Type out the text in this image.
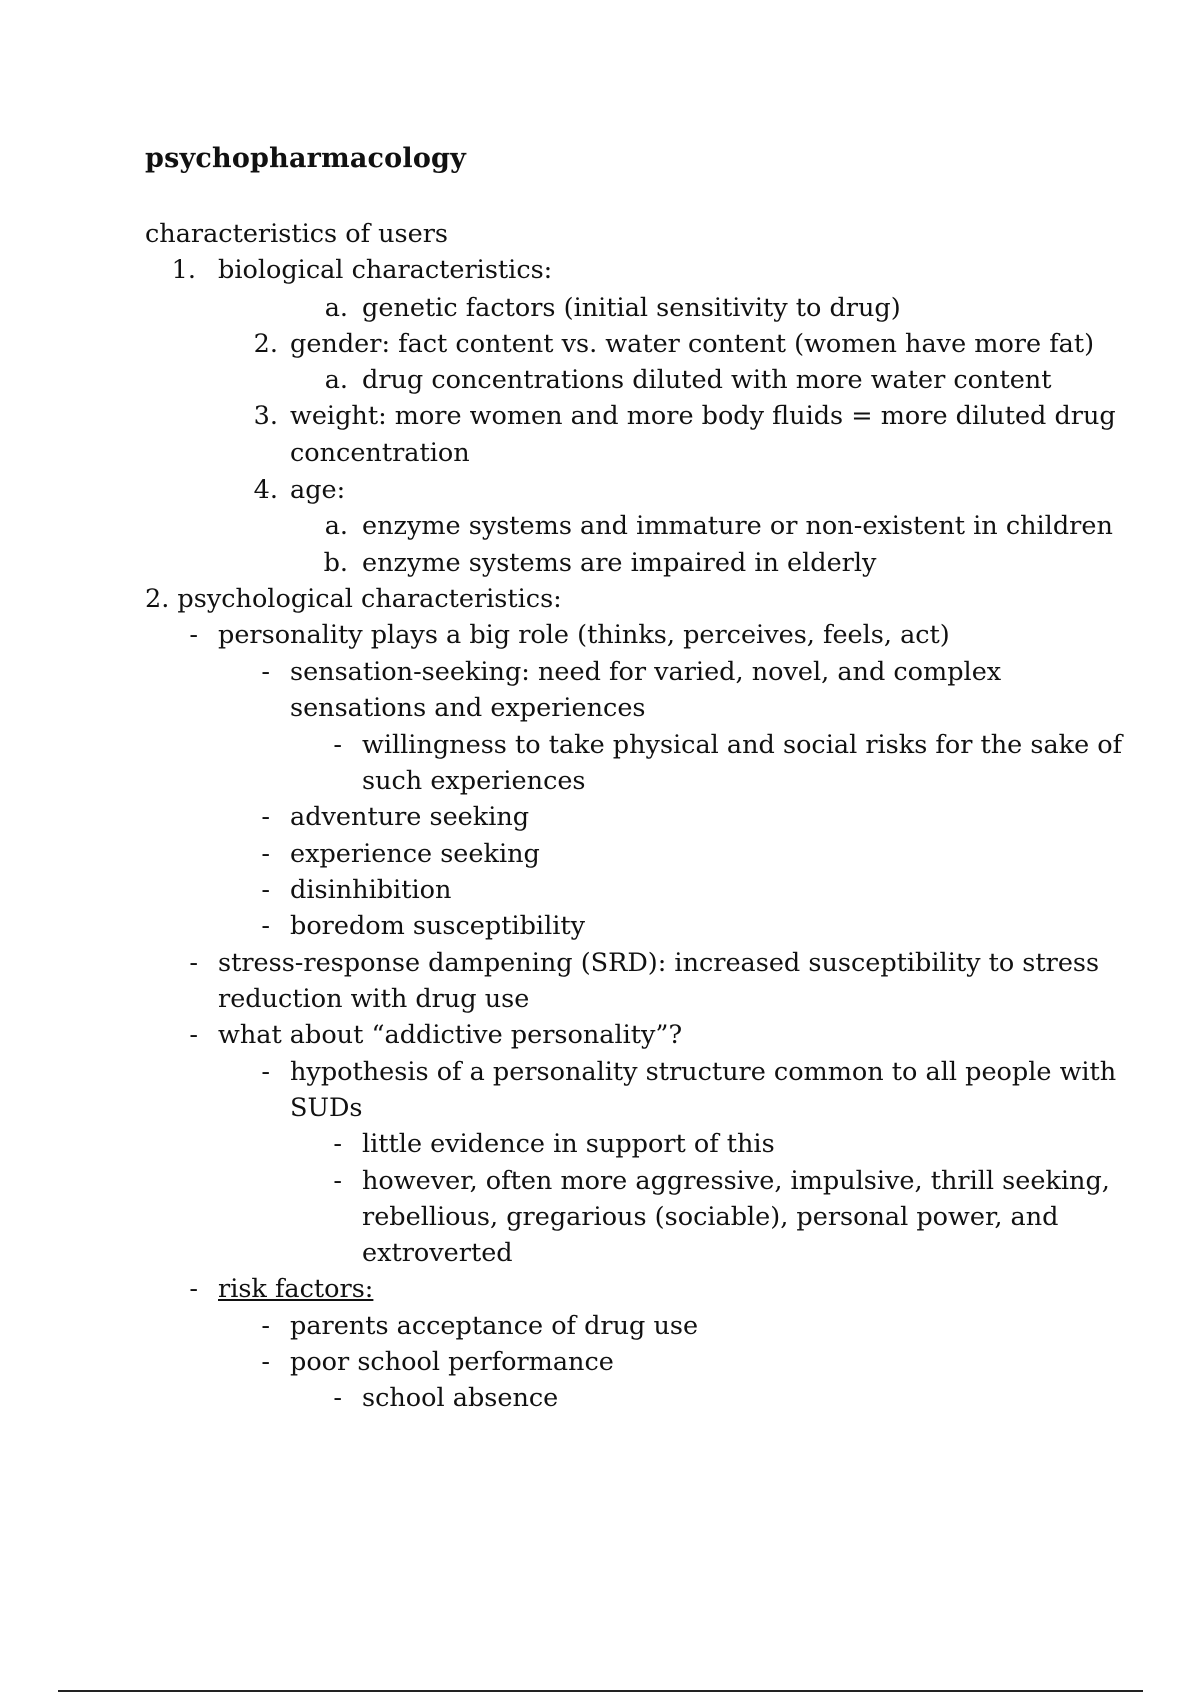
psychopharmacology
characteristics of users
1. biological characteristics:
a. genetic factors (initial sensitivity to drug)
2. gender: fact content vs. water content (women have more fat)
a. drug concentrations diluted with more water content
3. weight: more women and more body fluids = more diluted drug
concentration
4. age:
a. enzyme systems and immature or non-existent in children
b. enzyme systems are impaired in elderly
2. psychological characteristics:
- personality plays a big role (thinks, perceives, feels, act)
- sensation-seeking: need for varied, novel, and complex
sensations and experiences
- willingness to take physical and social risks for the sake of
such experiences
- adventure seeking
- experience seeking
- disinhibition
- boredom susceptibility
- stress-response dampening (SRD): increased susceptibility to stress
reduction with drug use
- what about “addictive personality”?
- hypothesis of a personality structure common to all people with
SUDs
- little evidence in support of this
- however, often more aggressive, impulsive, thrill seeking,
rebellious, gregarious (sociable), personal power, and
extroverted
- risk factors:
- parents acceptance of drug use
- poor school performance
- school absence
